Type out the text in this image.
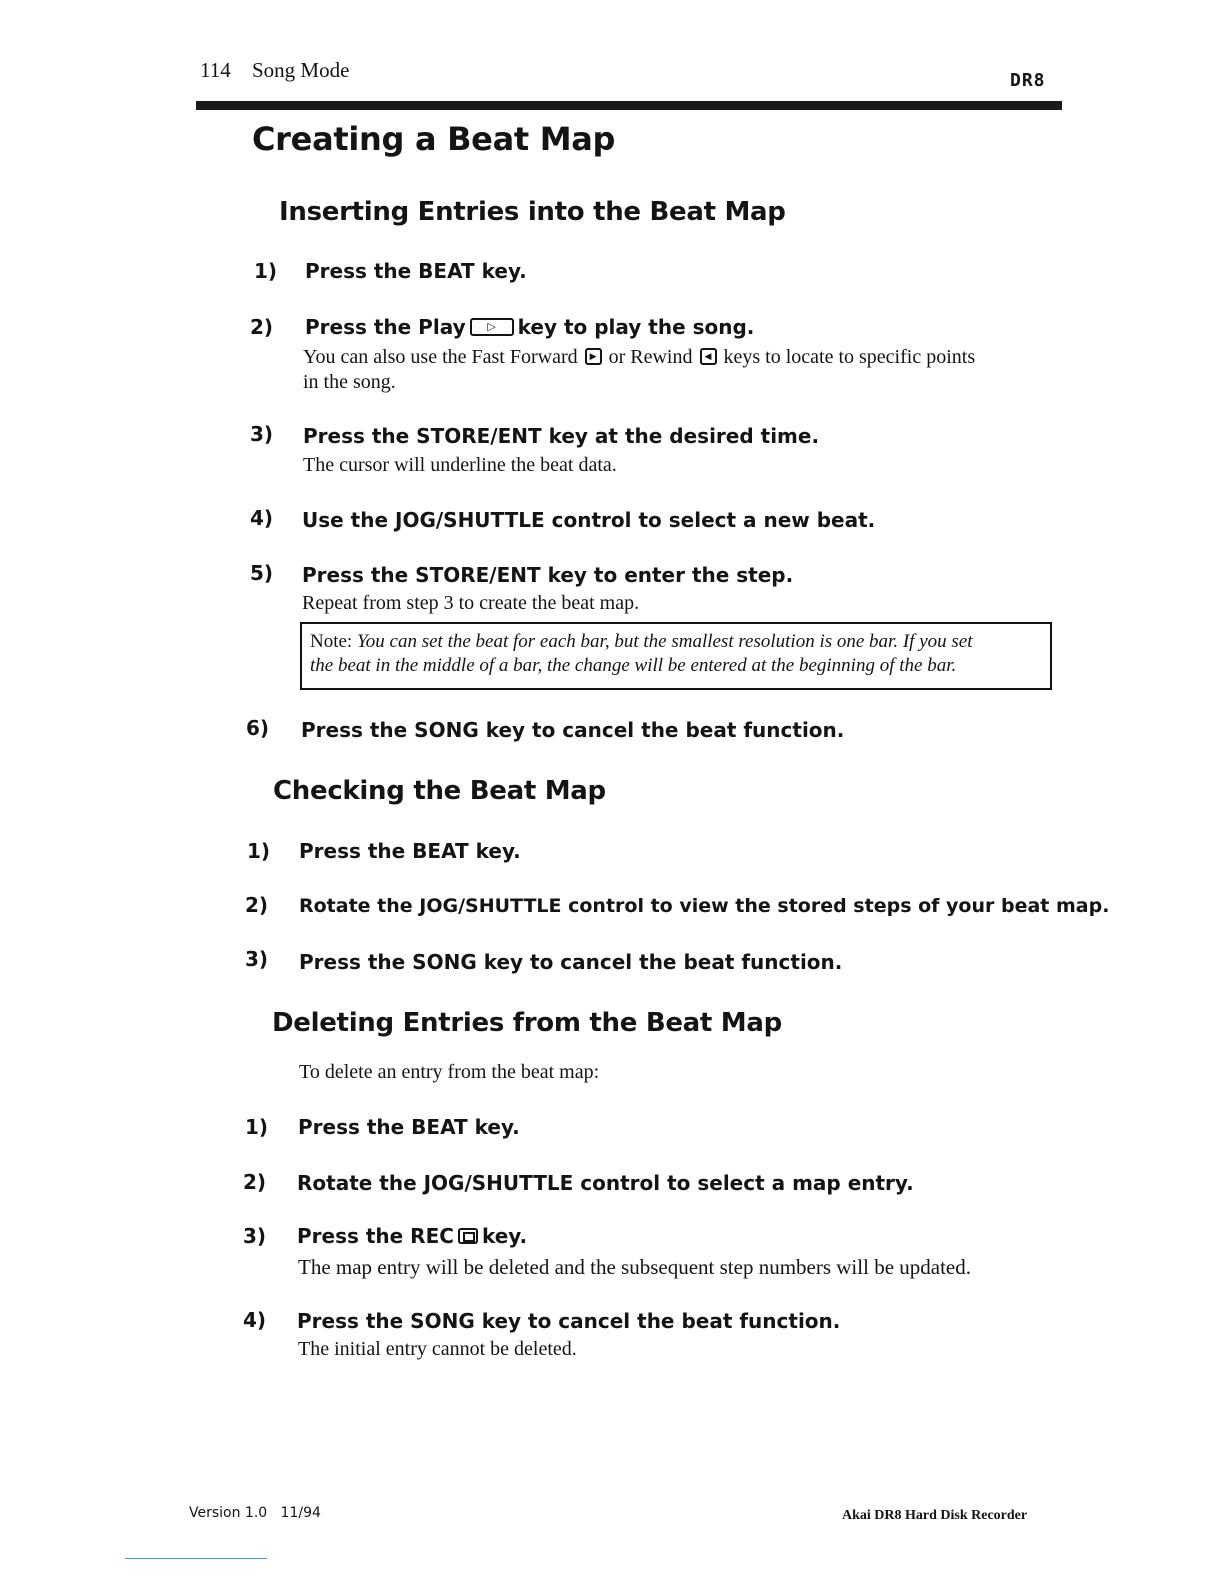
114 Song Mode	DR8
Creating a Beat Map
Inserting Entries into the Beat Map
1) Press the BEAT key.
2) Press the Play ▷ key to play the song.
You can also use the Fast Forward ▶ or Rewind ◀ keys to locate to specific points
in the song.
3) Press the STORE/ENT key at the desired time.
The cursor will underline the beat data.
4) Use the JOG/SHUTTLE control to select a new beat.
5) Press the STORE/ENT key to enter the step.
Repeat from step 3 to create the beat map.
Note: You can set the beat for each bar, but the smallest resolution is one bar. If you set
the beat in the middle of a bar, the change will be entered at the beginning of the bar.
6) Press the SONG key to cancel the beat function.
Checking the Beat Map
1) Press the BEAT key.
2) Rotate the JOG/SHUTTLE control to view the stored steps of your beat map.
3) Press the SONG key to cancel the beat function.
Deleting Entries from the Beat Map
To delete an entry from the beat map:
1) Press the BEAT key.
2) Rotate the JOG/SHUTTLE control to select a map entry.
3) Press the REC key.
The map entry will be deleted and the subsequent step numbers will be updated.
4) Press the SONG key to cancel the beat function.
The initial entry cannot be deleted.
Version 1.0   11/94	Akai DR8 Hard Disk Recorder
